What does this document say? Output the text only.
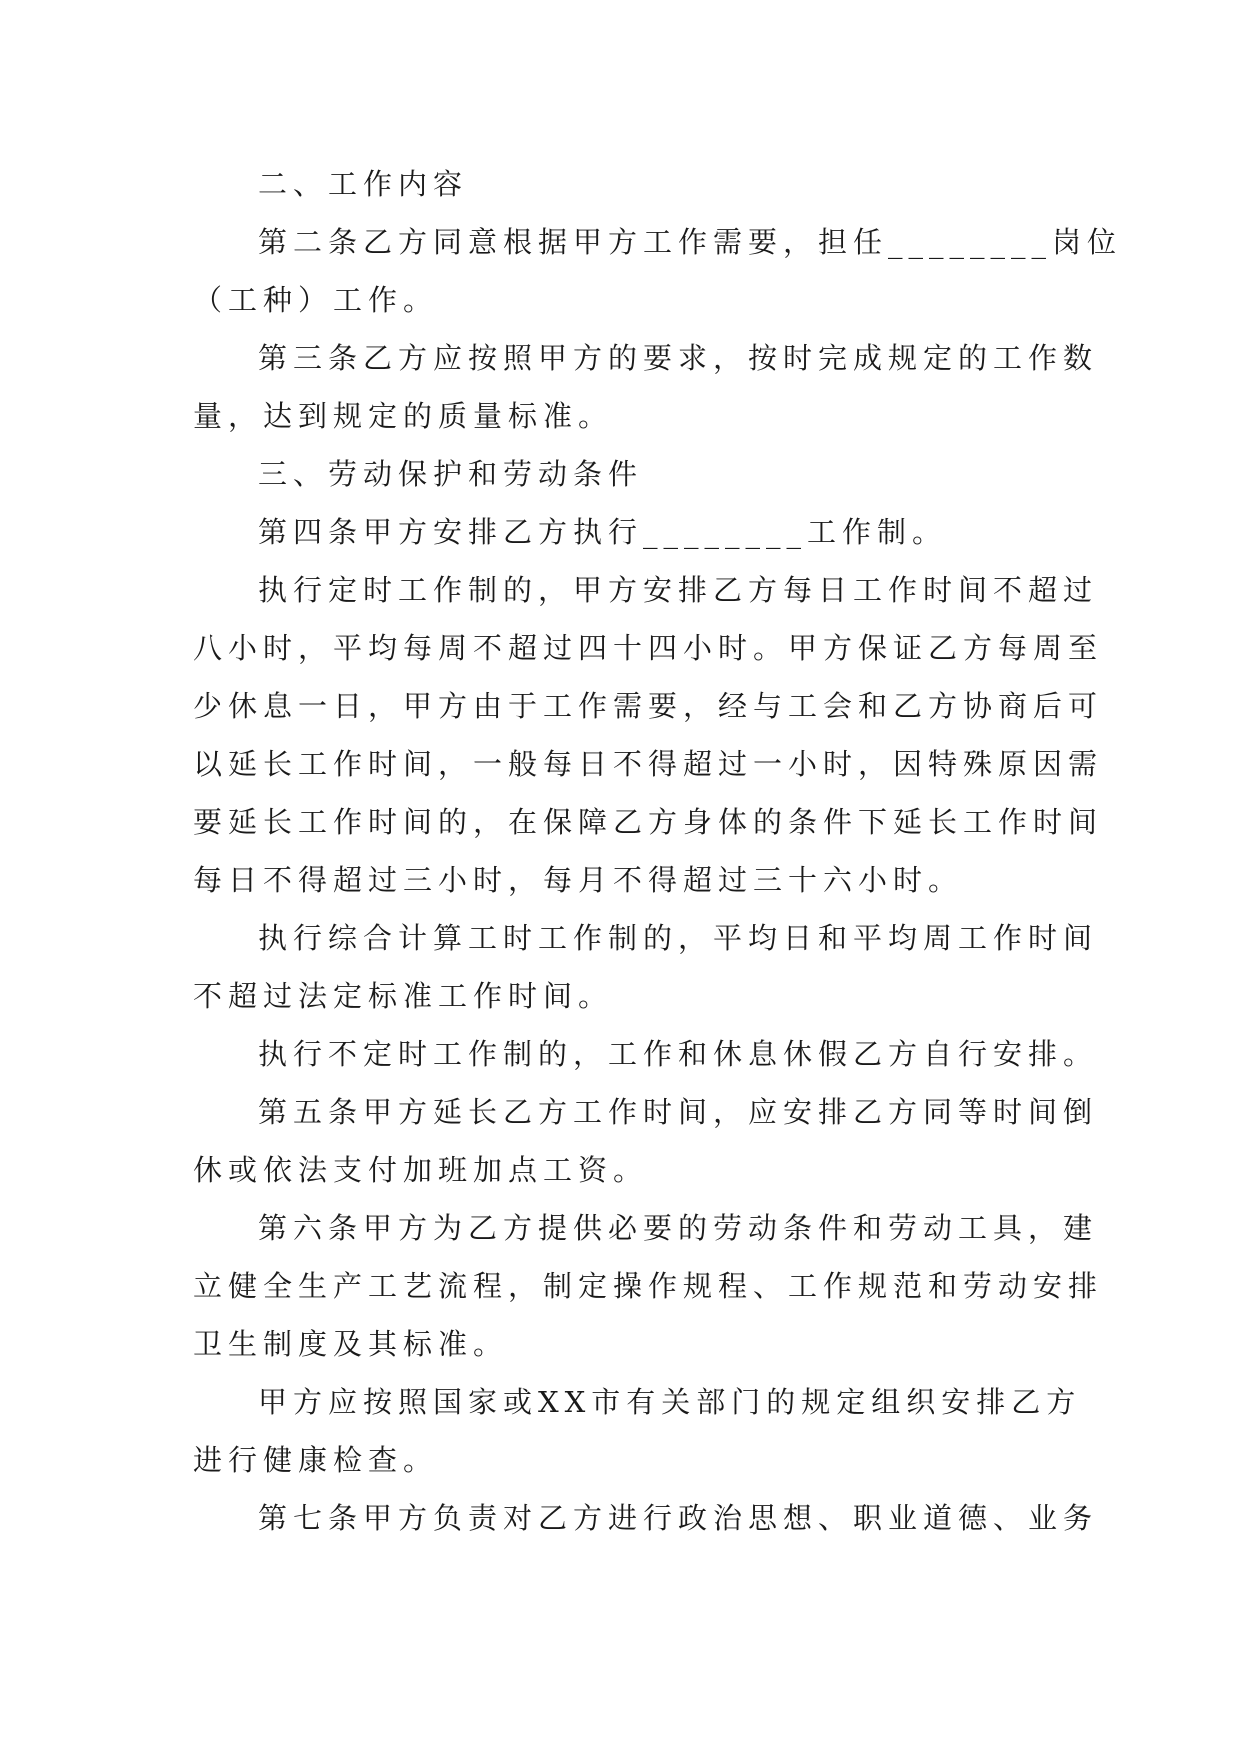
二、工作内容
第二条乙方同意根据甲方工作需要，担任________岗位
（工种）工作。
第三条乙方应按照甲方的要求，按时完成规定的工作数
量，达到规定的质量标准。
三、劳动保护和劳动条件
第四条甲方安排乙方执行________工作制。
执行定时工作制的，甲方安排乙方每日工作时间不超过
八小时，平均每周不超过四十四小时。甲方保证乙方每周至
少休息一日，甲方由于工作需要，经与工会和乙方协商后可
以延长工作时间，一般每日不得超过一小时，因特殊原因需
要延长工作时间的，在保障乙方身体的条件下延长工作时间
每日不得超过三小时，每月不得超过三十六小时。
执行综合计算工时工作制的，平均日和平均周工作时间
不超过法定标准工作时间。
执行不定时工作制的，工作和休息休假乙方自行安排。
第五条甲方延长乙方工作时间，应安排乙方同等时间倒
休或依法支付加班加点工资。
第六条甲方为乙方提供必要的劳动条件和劳动工具，建
立健全生产工艺流程，制定操作规程、工作规范和劳动安排
卫生制度及其标准。
甲方应按照国家或XX市有关部门的规定组织安排乙方
进行健康检查。
第七条甲方负责对乙方进行政治思想、职业道德、业务
